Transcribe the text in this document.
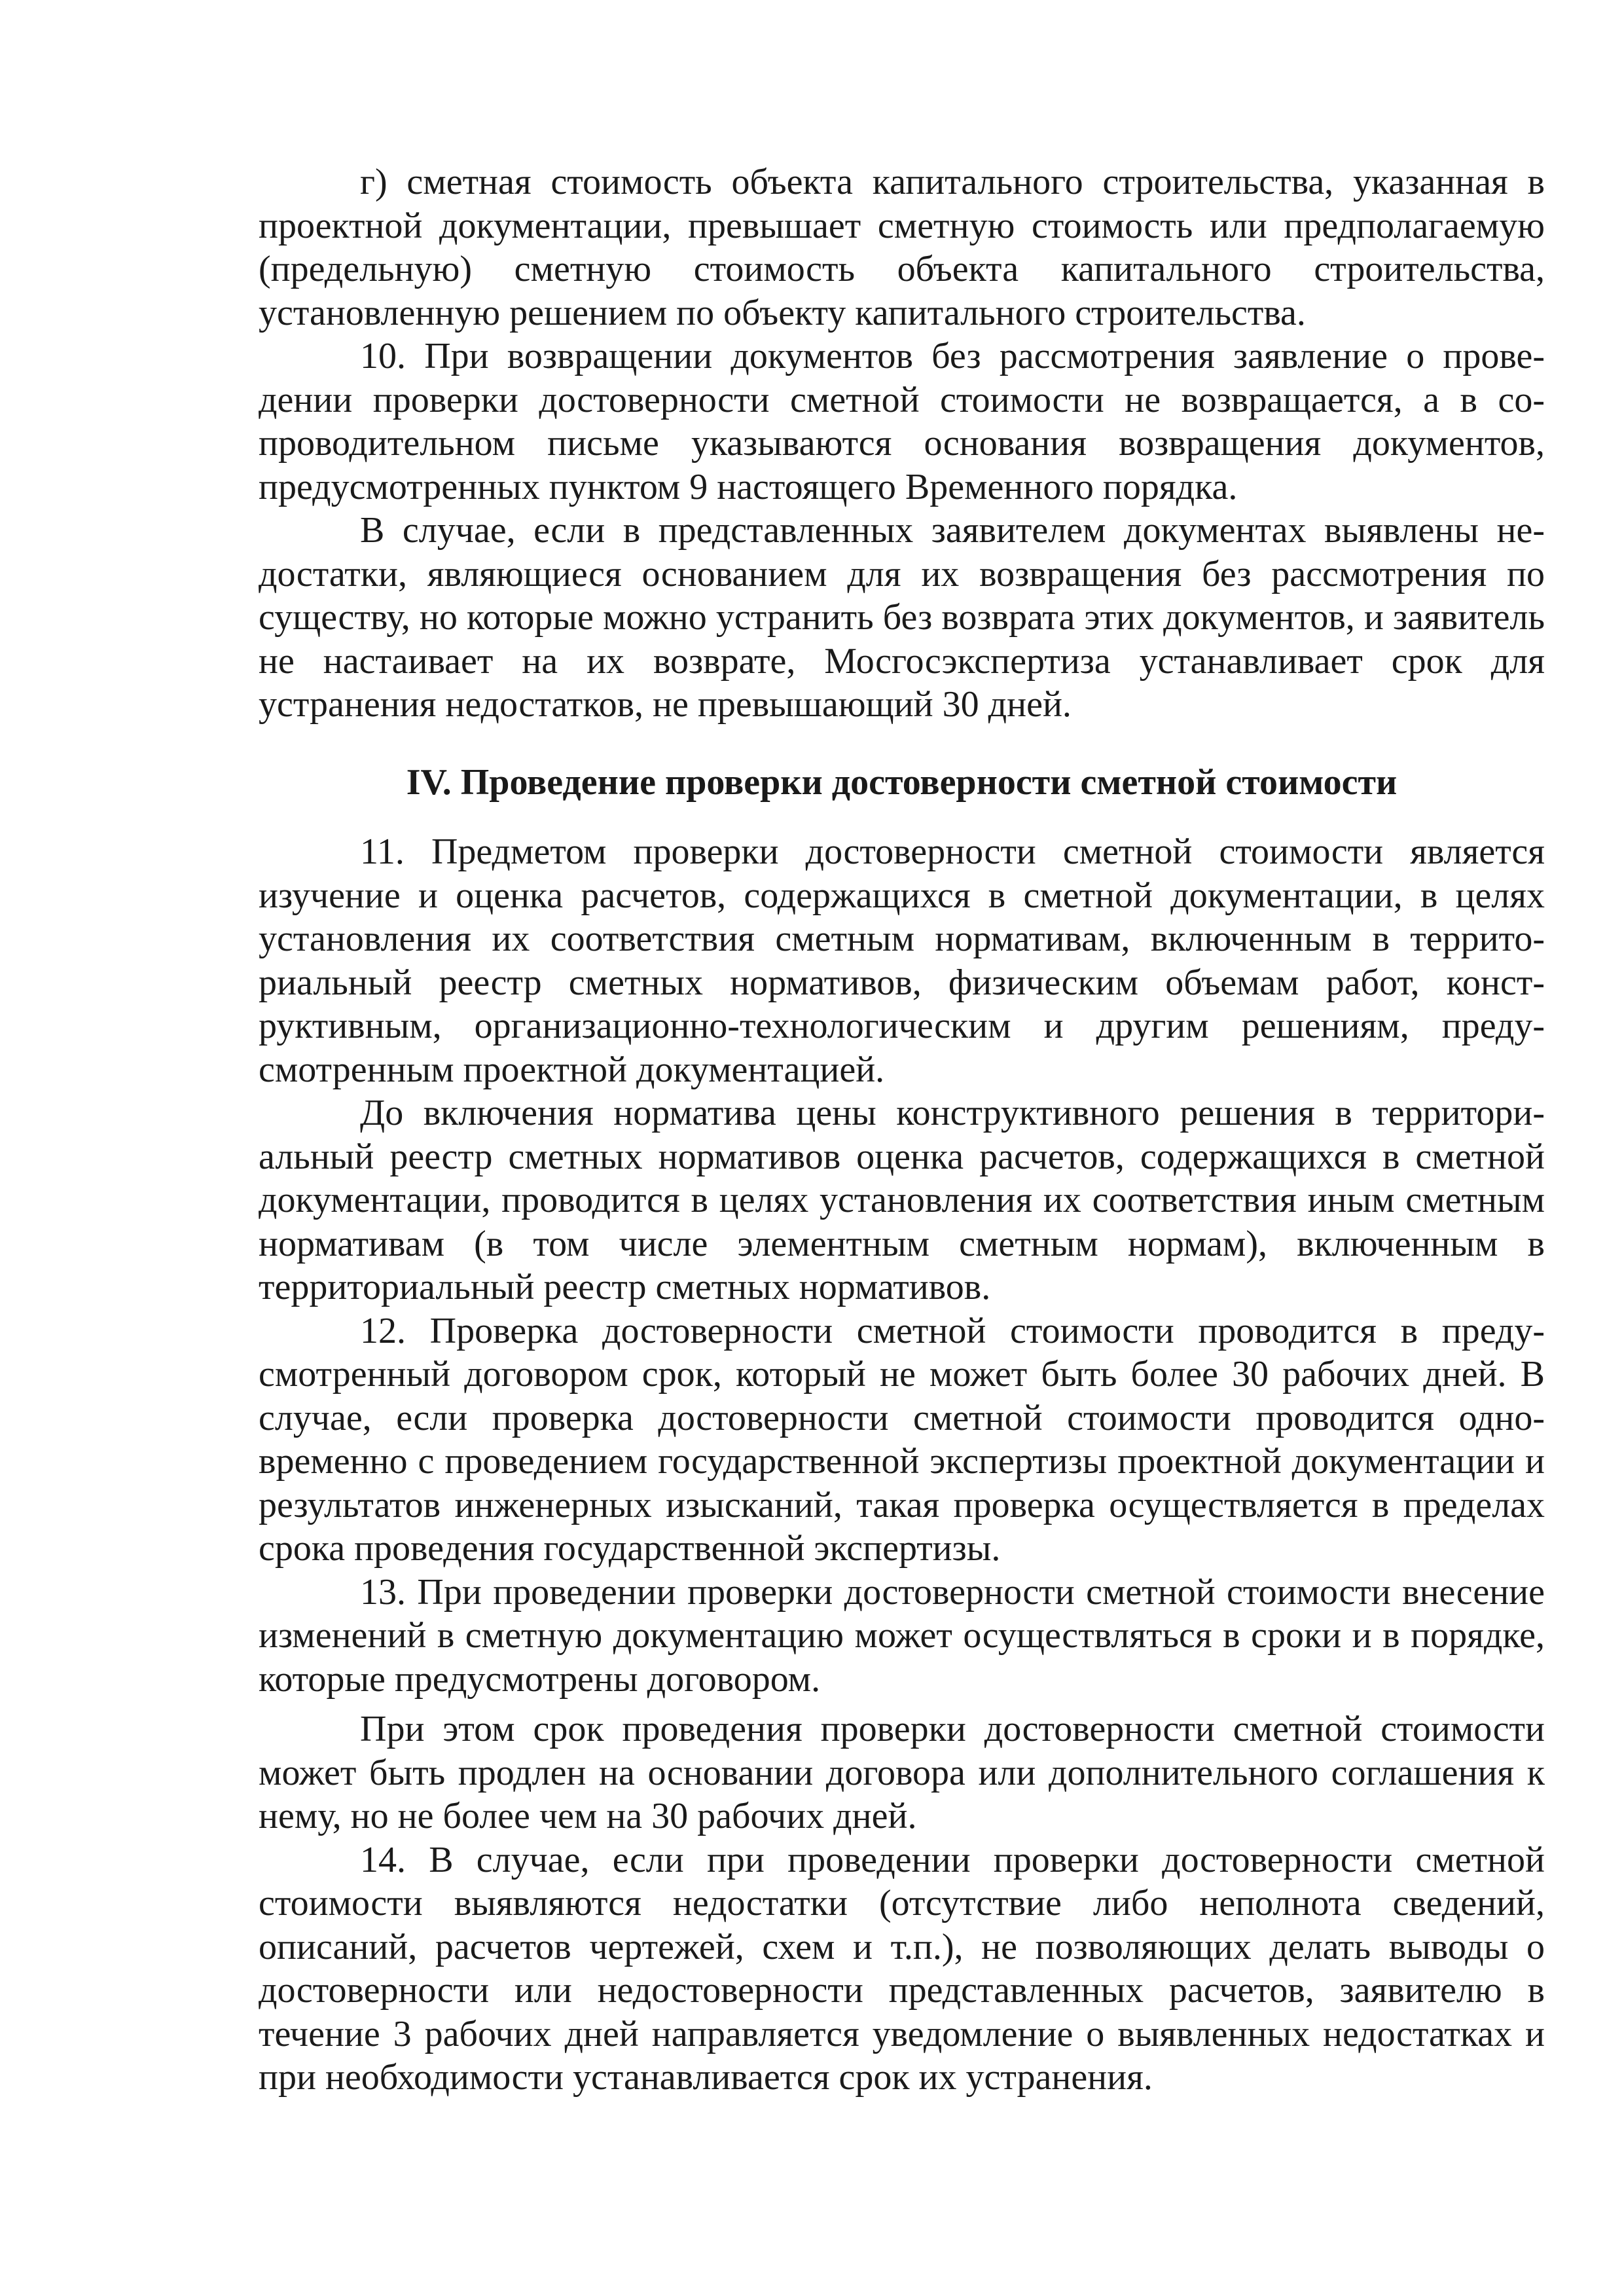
г) сметная стоимость объекта капитального строительства, указанная в проектной документации, превышает сметную стоимость или предполагаемую (предельную) сметную стоимость объекта капитального строительства, установленную решением по объекту капитального строительства.

10. При возвращении документов без рассмотрения заявление о проведении проверки достоверности сметной стоимости не возвращается, а в сопроводительном письме указываются основания возвращения документов, предусмотренных пунктом 9 настоящего Временного порядка.

В случае, если в представленных заявителем документах выявлены недостатки, являющиеся основанием для их возвращения без рассмотрения по существу, но которые можно устранить без возврата этих документов, и заявитель не настаивает на их возврате, Мосгосэкспертиза устанавливает срок для устранения недостатков, не превышающий 30 дней.

IV. Проведение проверки достоверности сметной стоимости

11. Предметом проверки достоверности сметной стоимости является изучение и оценка расчетов, содержащихся в сметной документации, в целях установления их соответствия сметным нормативам, включенным в территориальный реестр сметных нормативов, физическим объемам работ, конструктивным, организационно-технологическим и другим решениям, предусмотренным проектной документацией.

До включения норматива цены конструктивного решения в территориальный реестр сметных нормативов оценка расчетов, содержащихся в сметной документации, проводится в целях установления их соответствия иным сметным нормативам (в том числе элементным сметным нормам), включенным в территориальный реестр сметных нормативов.

12. Проверка достоверности сметной стоимости проводится в предусмотренный договором срок, который не может быть более 30 рабочих дней. В случае, если проверка достоверности сметной стоимости проводится одновременно с проведением государственной экспертизы проектной документации и результатов инженерных изысканий, такая проверка осуществляется в пределах срока проведения государственной экспертизы.

13. При проведении проверки достоверности сметной стоимости внесение изменений в сметную документацию может осуществляться в сроки и в порядке, которые предусмотрены договором.

При этом срок проведения проверки достоверности сметной стоимости может быть продлен на основании договора или дополнительного соглашения к нему, но не более чем на 30 рабочих дней.

14. В случае, если при проведении проверки достоверности сметной стоимости выявляются недостатки (отсутствие либо неполнота сведений, описаний, расчетов чертежей, схем и т.п.), не позволяющих делать выводы о достоверности или недостоверности представленных расчетов, заявителю в течение 3 рабочих дней направляется уведомление о выявленных недостатках и при необходимости устанавливается срок их устранения.
